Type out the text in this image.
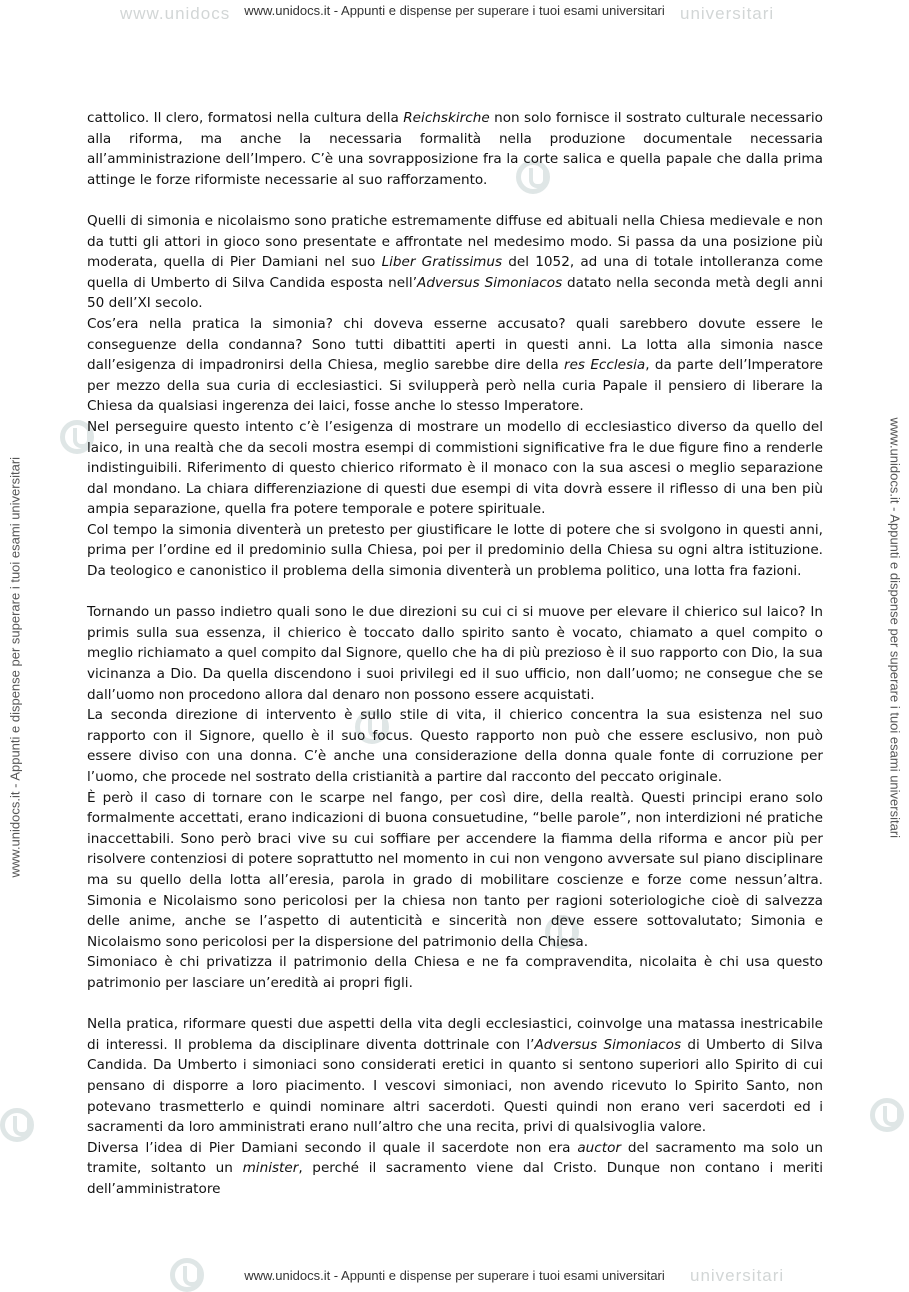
www.unidocs	universitari
www.unidocs.it - Appunti e dispense per superare i tuoi esami universitari
www.unidocs.it - Appunti e dispense per superare i tuoi esami universitari	www.unidocs.it - Appunti e dispense per superare i tuoi esami universitari

cattolico. Il clero, formatosi nella cultura della Reichskirche non solo fornisce il sostrato culturale necessario alla riforma, ma anche la necessaria formalità nella produzione documentale necessaria all’amministrazione dell’Impero. C’è una sovrapposizione fra la corte salica e quella papale che dalla prima attinge le forze riformiste necessarie al suo rafforzamento.

Quelli di simonia e nicolaismo sono pratiche estremamente diffuse ed abituali nella Chiesa medievale e non da tutti gli attori in gioco sono presentate e affrontate nel medesimo modo. Si passa da una posizione più moderata, quella di Pier Damiani nel suo Liber Gratissimus del 1052, ad una di totale intolleranza come quella di Umberto di Silva Candida esposta nell’Adversus Simoniacos datato nella seconda metà degli anni 50 dell’XI secolo.

Cos’era nella pratica la simonia? chi doveva esserne accusato? quali sarebbero dovute essere le conseguenze della condanna? Sono tutti dibattiti aperti in questi anni. La lotta alla simonia nasce dall’esigenza di impadronirsi della Chiesa, meglio sarebbe dire della res Ecclesia, da parte dell’Imperatore per mezzo della sua curia di ecclesiastici. Si svilupperà però nella curia Papale il pensiero di liberare la Chiesa da qualsiasi ingerenza dei laici, fosse anche lo stesso Imperatore.

Nel perseguire questo intento c’è l’esigenza di mostrare un modello di ecclesiastico diverso da quello del laico, in una realtà che da secoli mostra esempi di commistioni significative fra le due figure fino a renderle indistinguibili. Riferimento di questo chierico riformato è il monaco con la sua ascesi o meglio separazione dal mondano. La chiara differenziazione di questi due esempi di vita dovrà essere il riflesso di una ben più ampia separazione, quella fra potere temporale e potere spirituale.

Col tempo la simonia diventerà un pretesto per giustificare le lotte di potere che si svolgono in questi anni, prima per l’ordine ed il predominio sulla Chiesa, poi per il predominio della Chiesa su ogni altra istituzione. Da teologico e canonistico il problema della simonia diventerà un problema politico, una lotta fra fazioni.

Tornando un passo indietro quali sono le due direzioni su cui ci si muove per elevare il chierico sul laico? In primis sulla sua essenza, il chierico è toccato dallo spirito santo è vocato, chiamato a quel compito o meglio richiamato a quel compito dal Signore, quello che ha di più prezioso è il suo rapporto con Dio, la sua vicinanza a Dio. Da quella discendono i suoi privilegi ed il suo ufficio, non dall’uomo; ne consegue che se dall’uomo non procedono allora dal denaro non possono essere acquistati.

La seconda direzione di intervento è sullo stile di vita, il chierico concentra la sua esistenza nel suo rapporto con il Signore, quello è il suo focus. Questo rapporto non può che essere esclusivo, non può essere diviso con una donna. C’è anche una considerazione della donna quale fonte di corruzione per l’uomo, che procede nel sostrato della cristianità a partire dal racconto del peccato originale.

È però il caso di tornare con le scarpe nel fango, per così dire, della realtà. Questi principi erano solo formalmente accettati, erano indicazioni di buona consuetudine, “belle parole”, non interdizioni né pratiche inaccettabili. Sono però braci vive su cui soffiare per accendere la fiamma della riforma e ancor più per risolvere contenziosi di potere soprattutto nel momento in cui non vengono avversate sul piano disciplinare ma su quello della lotta all’eresia, parola in grado di mobilitare coscienze e forze come nessun’altra. Simonia e Nicolaismo sono pericolosi per la chiesa non tanto per ragioni soteriologiche cioè di salvezza delle anime, anche se l’aspetto di autenticità e sincerità non deve essere sottovalutato; Simonia e Nicolaismo sono pericolosi per la dispersione del patrimonio della Chiesa.

Simoniaco è chi privatizza il patrimonio della Chiesa e ne fa compravendita, nicolaita è chi usa questo patrimonio per lasciare un’eredità ai propri figli.

Nella pratica, riformare questi due aspetti della vita degli ecclesiastici, coinvolge una matassa inestricabile di interessi. Il problema da disciplinare diventa dottrinale con l’Adversus Simoniacos di Umberto di Silva Candida. Da Umberto i simoniaci sono considerati eretici in quanto si sentono superiori allo Spirito di cui pensano di disporre a loro piacimento. I vescovi simoniaci, non avendo ricevuto lo Spirito Santo, non potevano trasmetterlo e quindi nominare altri sacerdoti. Questi quindi non erano veri sacerdoti ed i sacramenti da loro amministrati erano null’altro che una recita, privi di qualsivoglia valore.

Diversa l’idea di Pier Damiani secondo il quale il sacerdote non era auctor del sacramento ma solo un tramite, soltanto un minister, perché il sacramento viene dal Cristo. Dunque non contano i meriti dell’amministratore

universitari
www.unidocs.it - Appunti e dispense per superare i tuoi esami universitari
